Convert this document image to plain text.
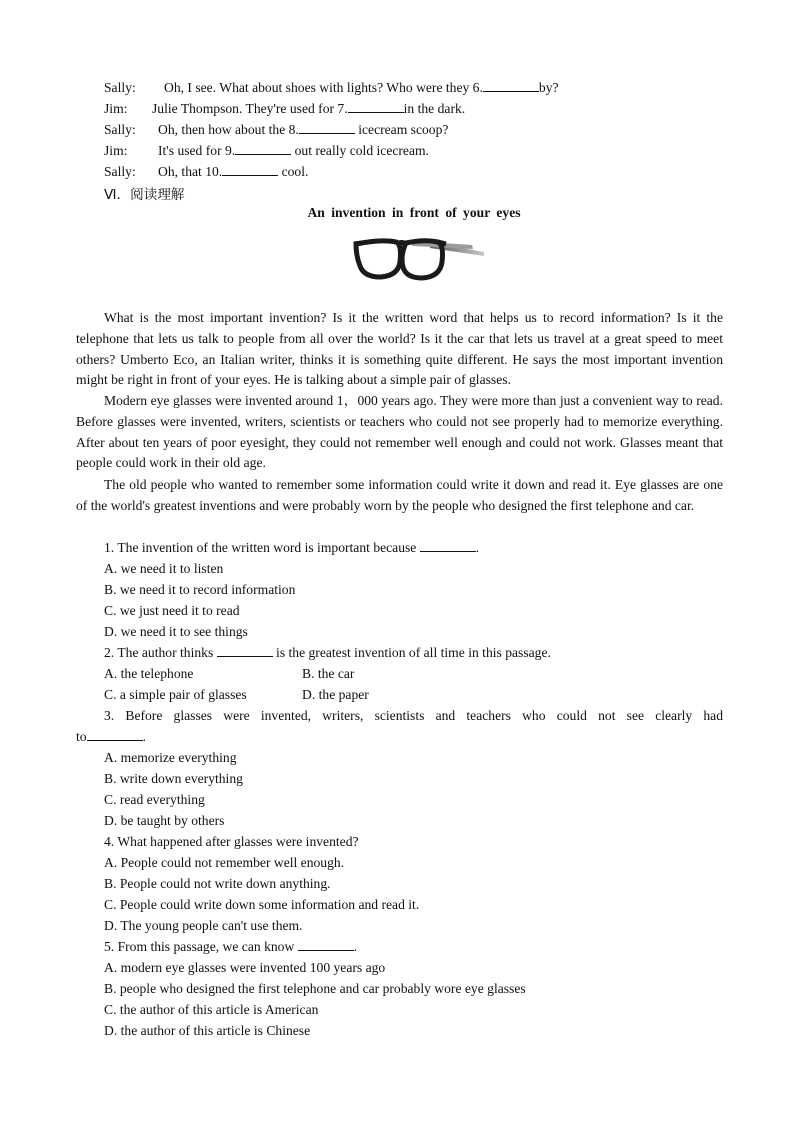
Sally: Oh, I see. What about shoes with lights? Who were they 6.	by?
Jim: Julie Thompson. They're used for 7.	in the dark.
Sally: Oh, then how about the 8.	icecream scoop?
Jim: It's used for 9.	out really cold icecream.
Sally: Oh, that 10.	cool.
Ⅵ．阅读理解
An invention in front of your eyes
What is the most important invention? Is it the written word that helps us to record information? Is it the telephone that lets us talk to people from all over the world? Is it the car that lets us travel at a great speed to meet others? Umberto Eco, an Italian writer, thinks it is something quite different. He says the most important invention might be right in front of your eyes. He is talking about a simple pair of glasses.
Modern eye glasses were invented around 1，000 years ago. They were more than just a convenient way to read. Before glasses were invented, writers, scientists or teachers who could not see properly had to memorize everything. After about ten years of poor eyesight, they could not remember well enough and could not work. Glasses meant that people could work in their old age.
The old people who wanted to remember some information could write it down and read it. Eye glasses are one of the world's greatest inventions and were probably worn by the people who designed the first telephone and car.
1. The invention of the written word is important because	.
A. we need it to listen
B. we need it to record information
C. we just need it to read
D. we need it to see things
2. The author thinks	is the greatest invention of all time in this passage.
A. the telephone	B. the car
C. a simple pair of glasses	D. the paper
3. Before glasses were invented, writers, scientists and teachers who could not see clearly had
to	.
A. memorize everything
B. write down everything
C. read everything
D. be taught by others
4. What happened after glasses were invented?
A. People could not remember well enough.
B. People could not write down anything.
C. People could write down some information and read it.
D. The young people can't use them.
5. From this passage, we can know	.
A. modern eye glasses were invented 100 years ago
B. people who designed the first telephone and car probably wore eye glasses
C. the author of this article is American
D. the author of this article is Chinese
